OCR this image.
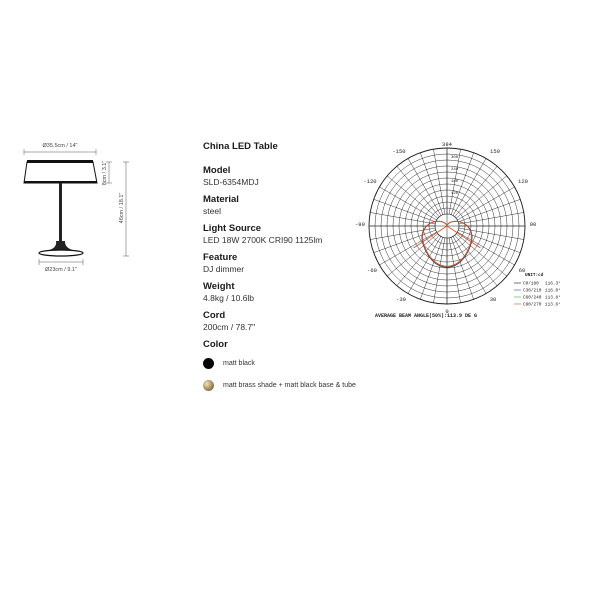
Ø35.5cm / 14"
8cm / 3.1"
46cm / 18.1"
Ø23cm / 9.1"
China LED Table
Model
SLD-6354MDJ
Material
steel
Light Source
LED 18W 2700K CRI90 1125lm
Feature
DJ dimmer
Weight
4.8kg / 10.6lb
Cord
200cm / 78.7"
Color
matt black
matt brass shade + matt black base & tube
384
-150	150
-120	120
-90	90
-60	60
-30	30
0
300
240
180
120
UNIT:cd
C0/180 116.3°
C30/210 116.0°
C60/240 113.8°
C90/270 113.6°
AVERAGE BEAM ANGLE(50%):113.9 DE G
